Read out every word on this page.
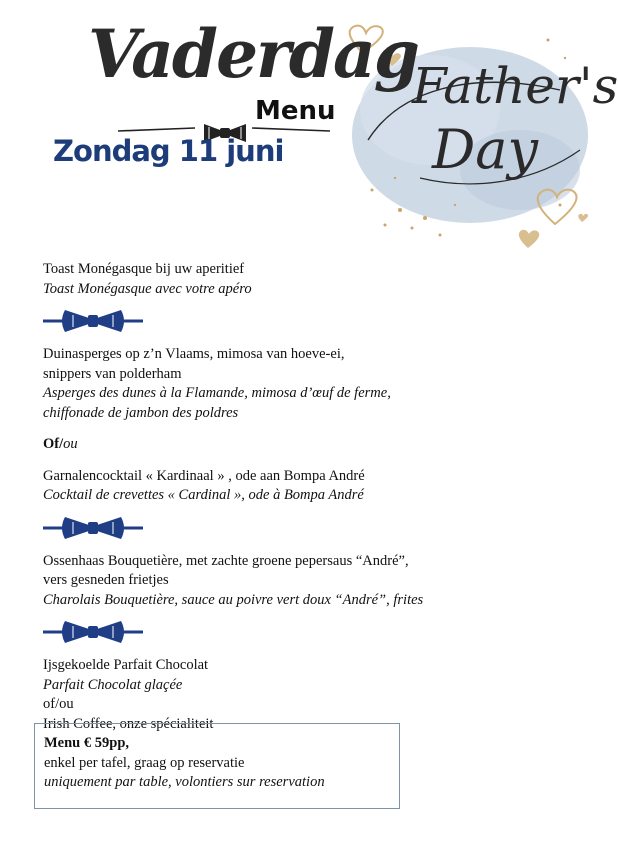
Vaderdag
Menu
Zondag 11 juni
Father's
Day

Toast Monégasque bij uw aperitief

Toast Monégasque avec votre apéro

Duinasperges op z’n Vlaams, mimosa van hoeve-ei,

snippers van polderham

Asperges des dunes à la Flamande, mimosa d’œuf de ferme,

chiffonade de jambon des poldres

Of/ou

Garnalencocktail « Kardinaal » , ode aan Bompa André

Cocktail de crevettes « Cardinal », ode à Bompa André

Ossenhaas Bouquetière, met zachte groene pepersaus “André”,

vers gesneden frietjes

Charolais Bouquetière, sauce au poivre vert doux “André”, frites

Ijsgekoelde Parfait Chocolat

Parfait Chocolat glaçée

of/ou

Irish Coffee, onze spécialiteit

Menu € 59pp,
enkel per tafel, graag op reservatie
uniquement par table, volontiers sur reservation
